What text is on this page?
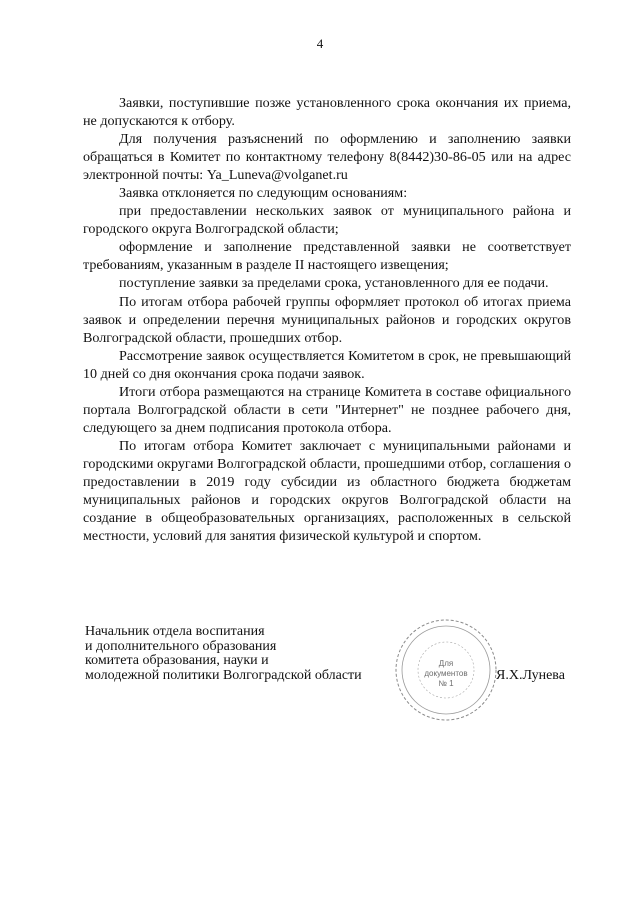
4

Заявки, поступившие позже установленного срока окончания их приема, не допускаются к отбору.

Для получения разъяснений по оформлению и заполнению заявки обращаться в Комитет по контактному телефону 8(8442)30-86-05 или на адрес электронной почты: Ya_Luneva@volganet.ru

Заявка отклоняется по следующим основаниям:

при предоставлении нескольких заявок от муниципального района и городского округа Волгоградской области;

оформление и заполнение представленной заявки не соответствует требованиям, указанным в разделе II настоящего извещения;

поступление заявки за пределами срока, установленного для ее подачи.

По итогам отбора рабочей группы оформляет протокол об итогах приема заявок и определении перечня муниципальных районов и городских округов Волгоградской области, прошедших отбор.

Рассмотрение заявок осуществляется Комитетом в срок, не превышающий 10 дней со дня окончания срока подачи заявок.

Итоги отбора размещаются на странице Комитета в составе официального портала Волгоградской области в сети "Интернет" не позднее рабочего дня, следующего за днем подписания протокола отбора.

По итогам отбора Комитет заключает с муниципальными районами и городскими округами Волгоградской области, прошедшими отбор, соглашения о предоставлении в 2019 году субсидии из областного бюджета бюджетам муниципальных районов и городских округов Волгоградской области на создание в общеобразовательных организациях, расположенных в сельской местности, условий для занятия физической культурой и спортом.

Начальник отдела воспитания
и дополнительного образования
комитета образования, науки и
молодежной политики Волгоградской области
Для
документов
№ 1
Я.Х.Лунева
